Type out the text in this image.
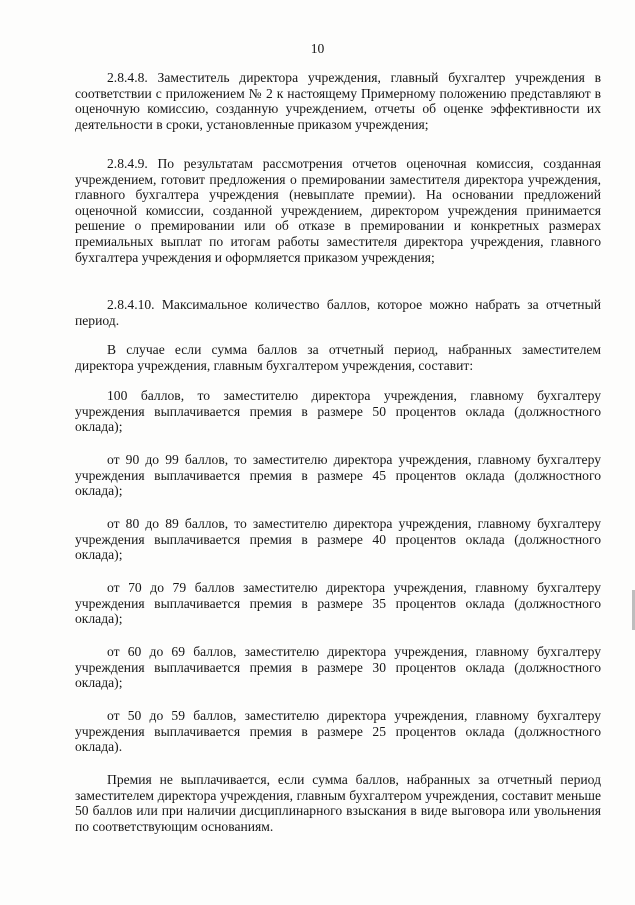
10

2.8.4.8. Заместитель директора учреждения, главный бухгалтер учреждения в соответствии с приложением № 2 к настоящему Примерному положению представляют в оценочную комиссию, созданную учреждением, отчеты об оценке эффективности их деятельности в сроки, установленные приказом учреждения;

2.8.4.9. По результатам рассмотрения отчетов оценочная комиссия, созданная учреждением, готовит предложения о премировании заместителя директора учреждения, главного бухгалтера учреждения (невыплате премии). На основании предложений оценочной комиссии, созданной учреждением, директором учреждения принимается решение о премировании или об отказе в премировании и конкретных размерах премиальных выплат по итогам работы заместителя директора учреждения, главного бухгалтера учреждения и оформляется приказом учреждения;

2.8.4.10. Максимальное количество баллов, которое можно набрать за отчетный период.

В случае если сумма баллов за отчетный период, набранных заместителем директора учреждения, главным бухгалтером учреждения, составит:

100 баллов, то заместителю директора учреждения, главному бухгалтеру учреждения выплачивается премия в размере 50 процентов оклада (должностного оклада);

от 90 до 99 баллов, то заместителю директора учреждения, главному бухгалтеру учреждения выплачивается премия в размере 45 процентов оклада (должностного оклада);

от 80 до 89 баллов, то заместителю директора учреждения, главному бухгалтеру учреждения выплачивается премия в размере 40 процентов оклада (должностного оклада);

от 70 до 79 баллов заместителю директора учреждения, главному бухгалтеру учреждения выплачивается премия в размере 35 процентов оклада (должностного оклада);

от 60 до 69 баллов, заместителю директора учреждения, главному бухгалтеру учреждения выплачивается премия в размере 30 процентов оклада (должностного оклада);

от 50 до 59 баллов, заместителю директора учреждения, главному бухгалтеру учреждения выплачивается премия в размере 25 процентов оклада (должностного оклада).

Премия не выплачивается, если сумма баллов, набранных за отчетный период заместителем директора учреждения, главным бухгалтером учреждения, составит меньше 50 баллов или при наличии дисциплинарного взыскания в виде выговора или увольнения по соответствующим основаниям.
